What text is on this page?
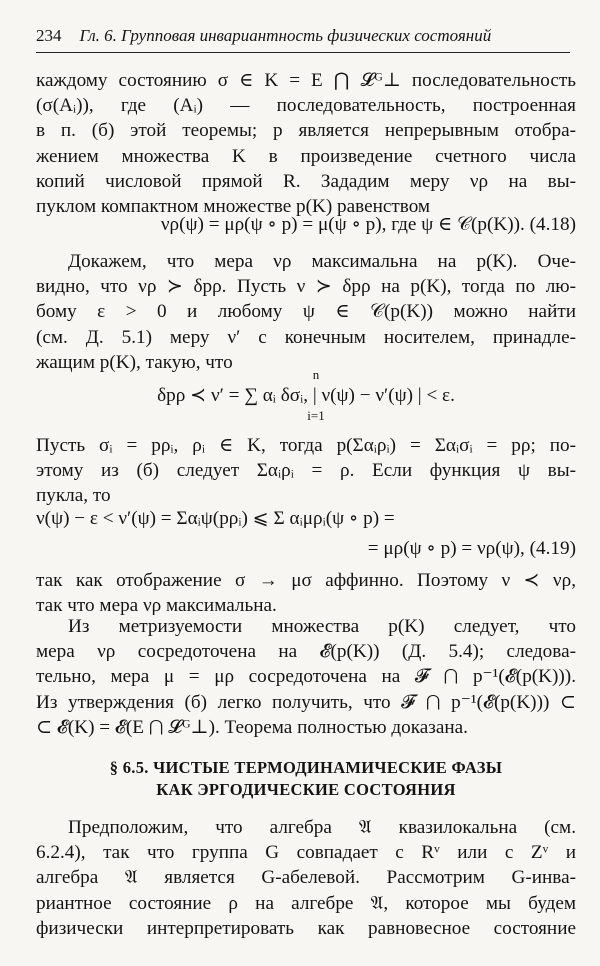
234 Гл. 6. Групповая инвариантность физических состояний
каждому состоянию σ ∈ K = E ⋂ 𝓛ᴳ⊥ последовательность
(σ(Aᵢ)), где (Aᵢ) — последовательность, построенная
в п. (б) этой теоремы; p является непрерывным отобра-
жением множества K в произведение счетного числа
копий числовой прямой R. Зададим меру νρ на вы-
пуклом компактном множестве p(K) равенством
νρ(ψ) = μρ(ψ ∘ p) = μ(ψ ∘ p), где ψ ∈ 𝒞(p(K)). (4.18)
Докажем, что мера νρ максимальна на p(K). Оче-
видно, что νρ ≻ δpρ. Пусть ν ≻ δpρ на p(K), тогда по лю-
бому ε > 0 и любому ψ ∈ 𝒞(p(K)) можно найти
(см. Д. 5.1) меру ν′ с конечным носителем, принадле-
жащим p(K), такую, что
n
δpρ ≺ ν′ = ∑ αᵢ δσᵢ, | ν(ψ) − ν′(ψ) | < ε.
i=1
Пусть σᵢ = pρᵢ, ρᵢ ∈ K, тогда p(Σαᵢρᵢ) = Σαᵢσᵢ = pρ; по-
этому из (б) следует Σαᵢρᵢ = ρ. Если функция ψ вы-
пукла, то
ν(ψ) − ε < ν′(ψ) = Σαᵢψ(pρᵢ) ⩽ Σ αᵢμρᵢ(ψ ∘ p) =
= μρ(ψ ∘ p) = νρ(ψ), (4.19)
так как отображение σ → μσ аффинно. Поэтому ν ≺ νρ,
так что мера νρ максимальна.
Из метризуемости множества p(K) следует, что
мера νρ сосредоточена на 𝓔(p(K)) (Д. 5.4); следова-
тельно, мера μ = μρ сосредоточена на 𝓕 ⋂ p⁻¹(𝓔(p(K))).
Из утверждения (б) легко получить, что 𝓕 ⋂ p⁻¹(𝓔(p(K))) ⊂
⊂ 𝓔(K) = 𝓔(E ⋂ 𝓛ᴳ⊥). Теорема полностью доказана.
§ 6.5. ЧИСТЫЕ ТЕРМОДИНАМИЧЕСКИЕ ФАЗЫ
КАК ЭРГОДИЧЕСКИЕ СОСТОЯНИЯ
Предположим, что алгебра 𝔄 квазилокальна (см.
6.2.4), так что группа G совпадает с Rᵛ или с Zᵛ и
алгебра 𝔄 является G-абелевой. Рассмотрим G-инва-
риантное состояние ρ на алгебре 𝔄, которое мы будем
физически интерпретировать как равновесное состояние
